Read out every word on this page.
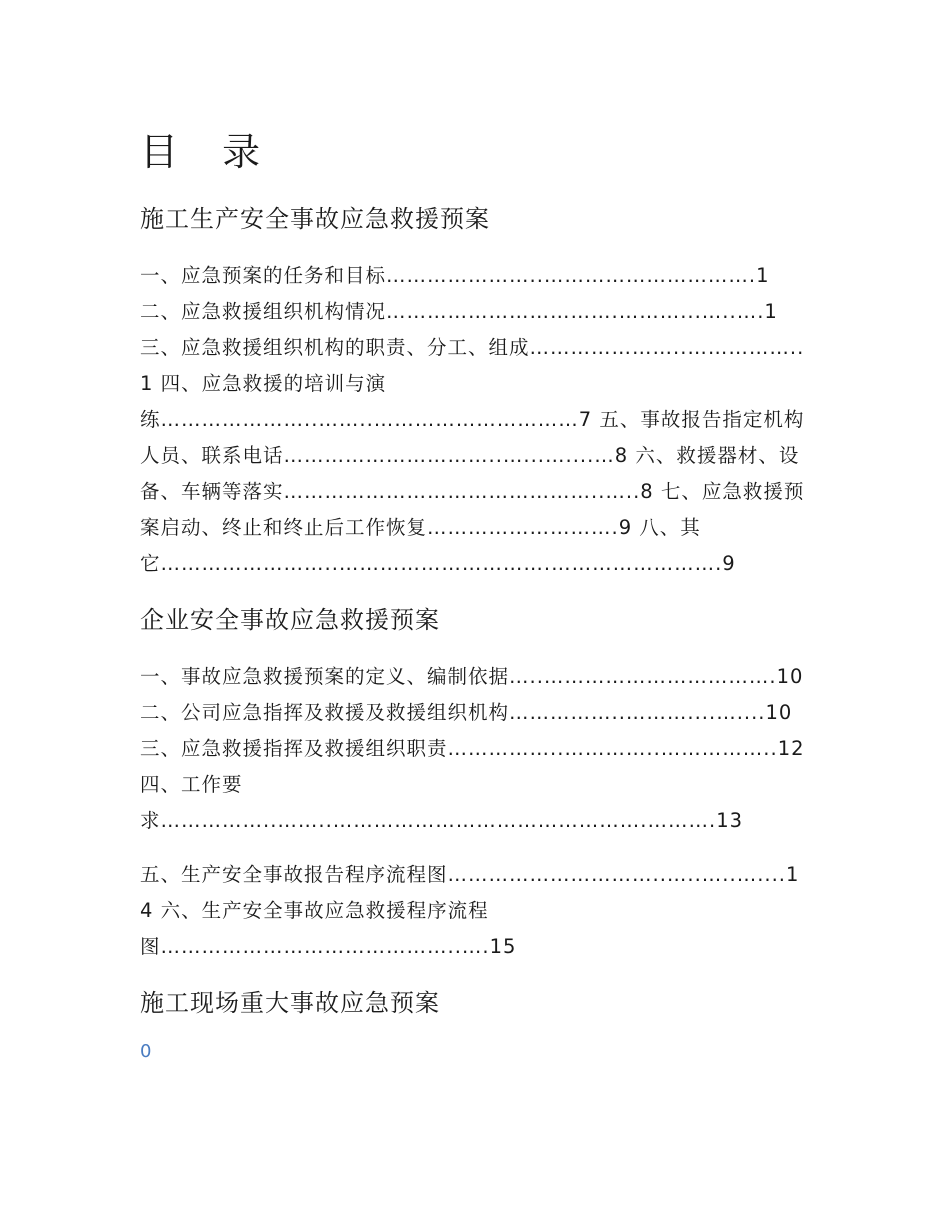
目 录
施工生产安全事故应急救援预案
一、应急预案的任务和目标…………………..………………………….1 二、应急救援组织机构情况…………………………….………...…..….1 三、应急救援组织机构的职责、分工、组成…………………..……………..1 四、应急救援的培训与演练…………………..……..…………………………7 五、事故报告指定机构人员、联系电话…………………………..…...…....…8 六、救援器材、设备、车辆等落实………………………………………..…..8 七、应急救援预案启动、终止和终止后工作恢复……………………….9 八、其它……………………..………………………….…………………….9
企业安全事故应急救援预案
一、事故应急救援预案的定义、编制依据…..…………………………….10 二、公司应急指挥及救援及救援组织机构……………..………....…....10 三、应急救援指挥及救援组织职责……………..…………..……………..12 四、工作要求……………..……..……………………………………….……….13
五、生产安全事故报告程序流程图…………………………..…..…..…....14 六、生产安全事故应急救援程序流程图……………………………………..….15
施工现场重大事故应急预案
0
